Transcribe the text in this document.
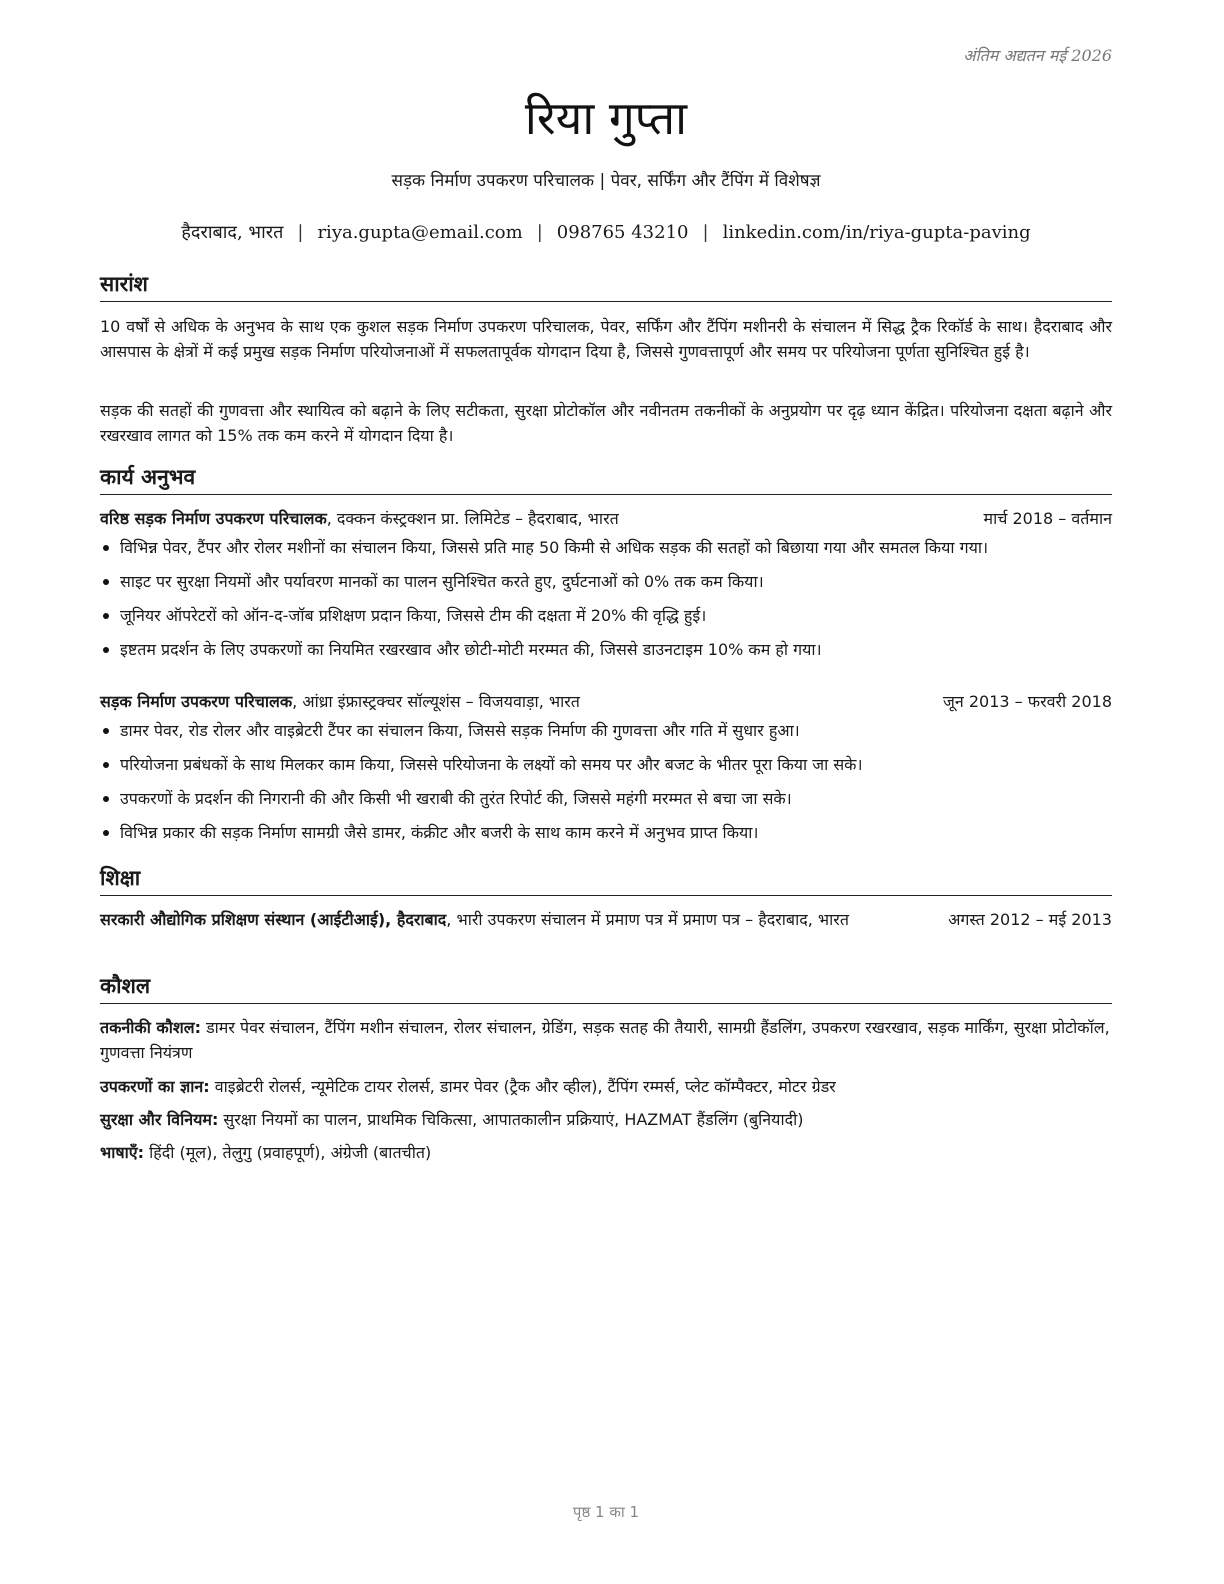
अंतिम अद्यतन मई 2026
रिया गुप्ता
सड़क निर्माण उपकरण परिचालक | पेवर, सर्फिंग और टैंपिंग में विशेषज्ञ
हैदराबाद, भारत | riya.gupta@email.com | 098765 43210 | linkedin.com/in/riya-gupta-paving
सारांश
10 वर्षों से अधिक के अनुभव के साथ एक कुशल सड़क निर्माण उपकरण परिचालक, पेवर, सर्फिंग और टैंपिंग मशीनरी के संचालन में सिद्ध ट्रैक रिकॉर्ड के साथ। हैदराबाद और आसपास के क्षेत्रों में कई प्रमुख सड़क निर्माण परियोजनाओं में सफलतापूर्वक योगदान दिया है, जिससे गुणवत्तापूर्ण और समय पर परियोजना पूर्णता सुनिश्चित हुई है।
सड़क की सतहों की गुणवत्ता और स्थायित्व को बढ़ाने के लिए सटीकता, सुरक्षा प्रोटोकॉल और नवीनतम तकनीकों के अनुप्रयोग पर दृढ़ ध्यान केंद्रित। परियोजना दक्षता बढ़ाने और रखरखाव लागत को 15% तक कम करने में योगदान दिया है।
कार्य अनुभव
वरिष्ठ सड़क निर्माण उपकरण परिचालक, दक्कन कंस्ट्रक्शन प्रा. लिमिटेड – हैदराबाद, भारत	मार्च 2018 – वर्तमान
विभिन्न पेवर, टैंपर और रोलर मशीनों का संचालन किया, जिससे प्रति माह 50 किमी से अधिक सड़क की सतहों को बिछाया गया और समतल किया गया।
साइट पर सुरक्षा नियमों और पर्यावरण मानकों का पालन सुनिश्चित करते हुए, दुर्घटनाओं को 0% तक कम किया।
जूनियर ऑपरेटरों को ऑन-द-जॉब प्रशिक्षण प्रदान किया, जिससे टीम की दक्षता में 20% की वृद्धि हुई।
इष्टतम प्रदर्शन के लिए उपकरणों का नियमित रखरखाव और छोटी-मोटी मरम्मत की, जिससे डाउनटाइम 10% कम हो गया।
सड़क निर्माण उपकरण परिचालक, आंध्रा इंफ्रास्ट्रक्चर सॉल्यूशंस – विजयवाड़ा, भारत	जून 2013 – फरवरी 2018
डामर पेवर, रोड रोलर और वाइब्रेटरी टैंपर का संचालन किया, जिससे सड़क निर्माण की गुणवत्ता और गति में सुधार हुआ।
परियोजना प्रबंधकों के साथ मिलकर काम किया, जिससे परियोजना के लक्ष्यों को समय पर और बजट के भीतर पूरा किया जा सके।
उपकरणों के प्रदर्शन की निगरानी की और किसी भी खराबी की तुरंत रिपोर्ट की, जिससे महंगी मरम्मत से बचा जा सके।
विभिन्न प्रकार की सड़क निर्माण सामग्री जैसे डामर, कंक्रीट और बजरी के साथ काम करने में अनुभव प्राप्त किया।
शिक्षा
सरकारी औद्योगिक प्रशिक्षण संस्थान (आईटीआई), हैदराबाद, भारी उपकरण संचालन में प्रमाण पत्र में प्रमाण पत्र – हैदराबाद, भारत	अगस्त 2012 – मई 2013
कौशल
तकनीकी कौशल: डामर पेवर संचालन, टैंपिंग मशीन संचालन, रोलर संचालन, ग्रेडिंग, सड़क सतह की तैयारी, सामग्री हैंडलिंग, उपकरण रखरखाव, सड़क मार्किंग, सुरक्षा प्रोटोकॉल, गुणवत्ता नियंत्रण
उपकरणों का ज्ञान: वाइब्रेटरी रोलर्स, न्यूमेटिक टायर रोलर्स, डामर पेवर (ट्रैक और व्हील), टैंपिंग रम्मर्स, प्लेट कॉम्पैक्टर, मोटर ग्रेडर
सुरक्षा और विनियम: सुरक्षा नियमों का पालन, प्राथमिक चिकित्सा, आपातकालीन प्रक्रियाएं, HAZMAT हैंडलिंग (बुनियादी)
भाषाएँ: हिंदी (मूल), तेलुगु (प्रवाहपूर्ण), अंग्रेजी (बातचीत)
पृष्ठ 1 का 1
